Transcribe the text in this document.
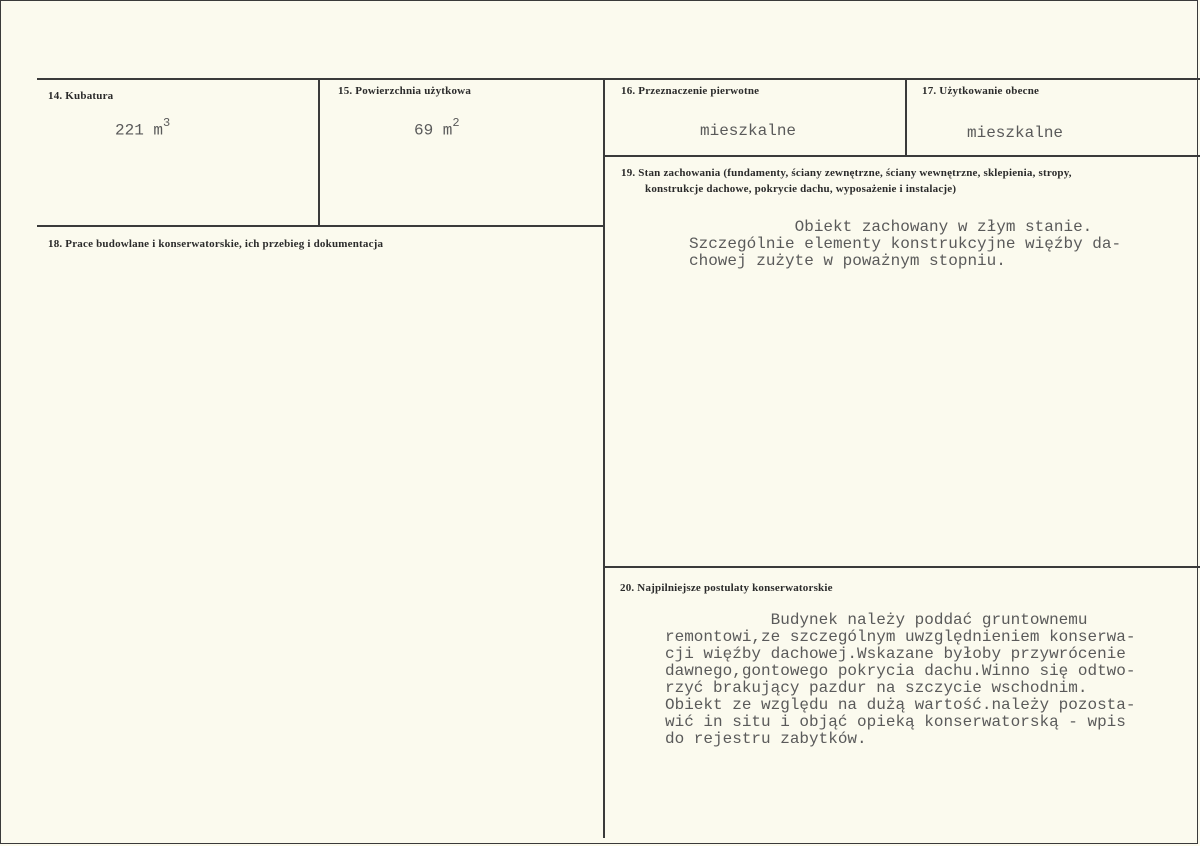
14. Kubatura
221 $m^3$
15. Powierzchnia użytkowa
69 $m^2$
16. Przeznaczenie pierwotne
mieszkalne
17. Użytkowanie obecne
mieszkalne
18. Prace budowlane i konserwatorskie, ich przebieg i dokumentacja
19. Stan zachowania (fundamenty, ściany zewnętrzne, ściany wewnętrzne, sklepienia, stropy,
konstrukcje dachowe, pokrycie dachu, wyposażenie i instalacje)
Obiekt zachowany w złym stanie.
Szczególnie elementy konstrukcyjne więźby da-
chowej zużyte w poważnym stopniu.
20. Najpilniejsze postulaty konserwatorskie
Budynek należy poddać gruntownemu
remontowi,ze szczególnym uwzględnieniem konserwa-
cji więźby dachowej.Wskazane byłoby przywrócenie
dawnego,gontowego pokrycia dachu.Winno się odtwo-
rzyć brakujący pazdur na szczycie wschodnim.
Obiekt ze względu na dużą wartość.należy pozosta-
wić in situ i objąć opieką konserwatorską - wpis
do rejestru zabytków.
